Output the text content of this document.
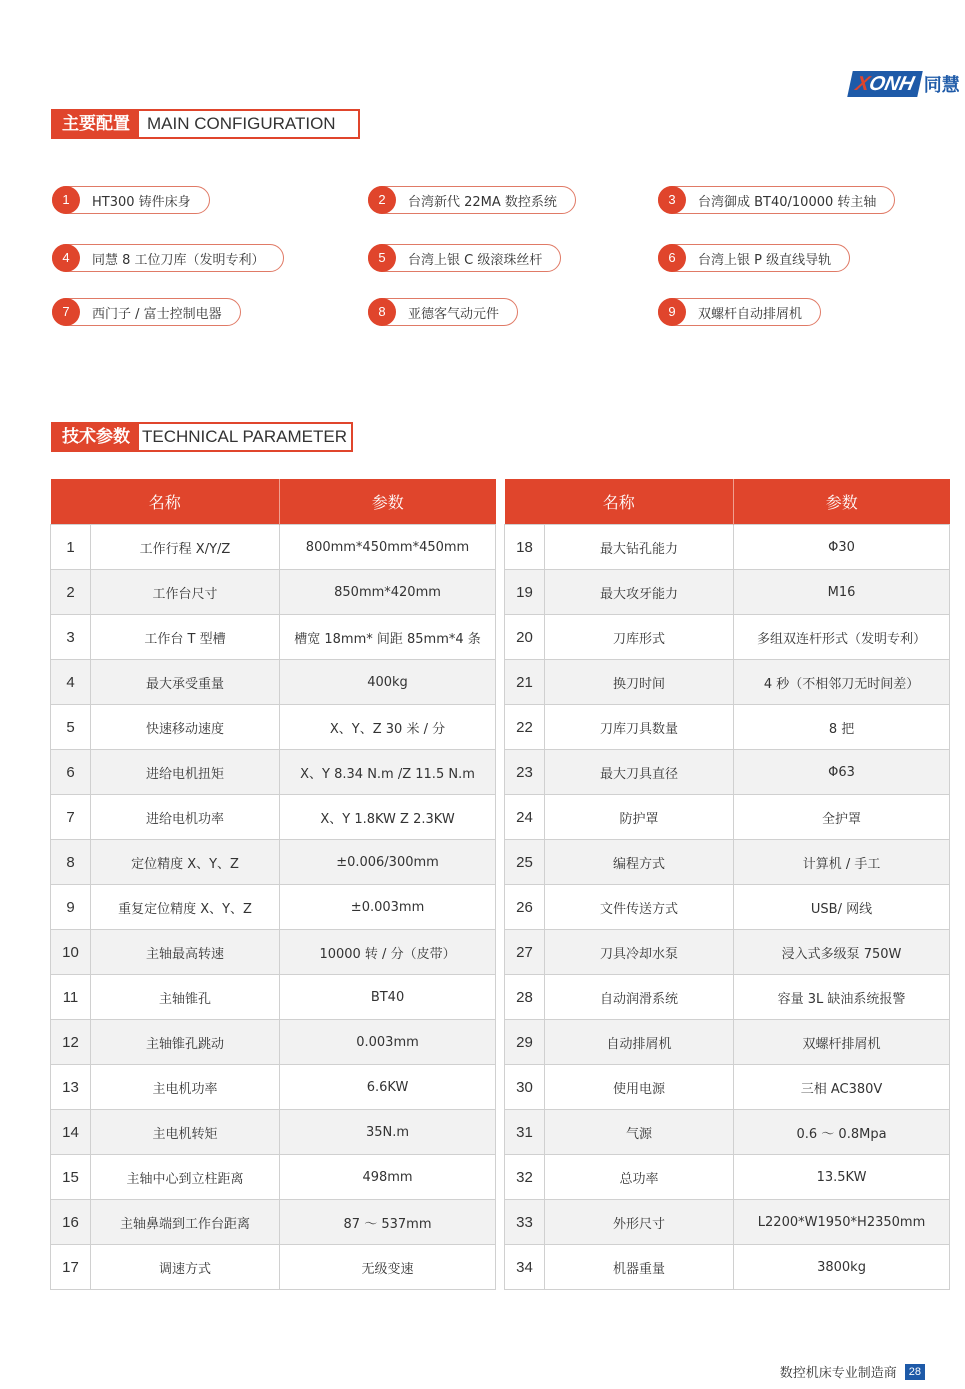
XONH 同慧
主要配置	MAIN CONFIGURATION
1	HT300 铸件床身	2	台湾新代 22MA 数控系统	3	台湾御成 BT40/10000 转主轴
4	同慧 8 工位刀库（发明专利）	5	台湾上银 C 级滚珠丝杆	6	台湾上银 P 级直线导轨
7	西门子 / 富士控制电器	8	亚德客气动元件	9	双螺杆自动排屑机
技术参数 TECHNICAL PARAMETER
名称		参数
1	工作行程 X/Y/Z	800mm*450mm*450mm
2	工作台尺寸	850mm*420mm
3	工作台 T 型槽	槽宽 18mm* 间距 85mm*4 条
4	最大承受重量	400kg
5	快速移动速度	X、Y、Z 30 米 / 分
6	进给电机扭矩	X、Y 8.34 N.m /Z 11.5 N.m
7	进给电机功率	X、Y 1.8KW Z 2.3KW
8	定位精度 X、Y、Z	±0.006/300mm
9	重复定位精度 X、Y、Z	±0.003mm
10	主轴最高转速	10000 转 / 分（皮带）
11	主轴锥孔	BT40
12	主轴锥孔跳动	0.003mm
13	主电机功率	6.6KW
14	主电机转矩	35N.m
15	主轴中心到立柱距离	498mm
16	主轴鼻端到工作台距离	87 ～ 537mm
17	调速方式	无级变速
名称		参数
18	最大钻孔能力	Φ30
19	最大攻牙能力	M16
20	刀库形式	多组双连杆形式（发明专利）
21	换刀时间	4 秒（不相邻刀无时间差）
22	刀库刀具数量	8 把
23	最大刀具直径	Φ63
24	防护罩	全护罩
25	编程方式	计算机 / 手工
26	文件传送方式	USB/ 网线
27	刀具冷却水泵	浸入式多级泵 750W
28	自动润滑系统	容量 3L 缺油系统报警
29	自动排屑机	双螺杆排屑机
30	使用电源	三相 AC380V
31	气源	0.6 ～ 0.8Mpa
32	总功率	13.5KW
33	外形尺寸	L2200*W1950*H2350mm
34	机器重量	3800kg
数控机床专业制造商	28
